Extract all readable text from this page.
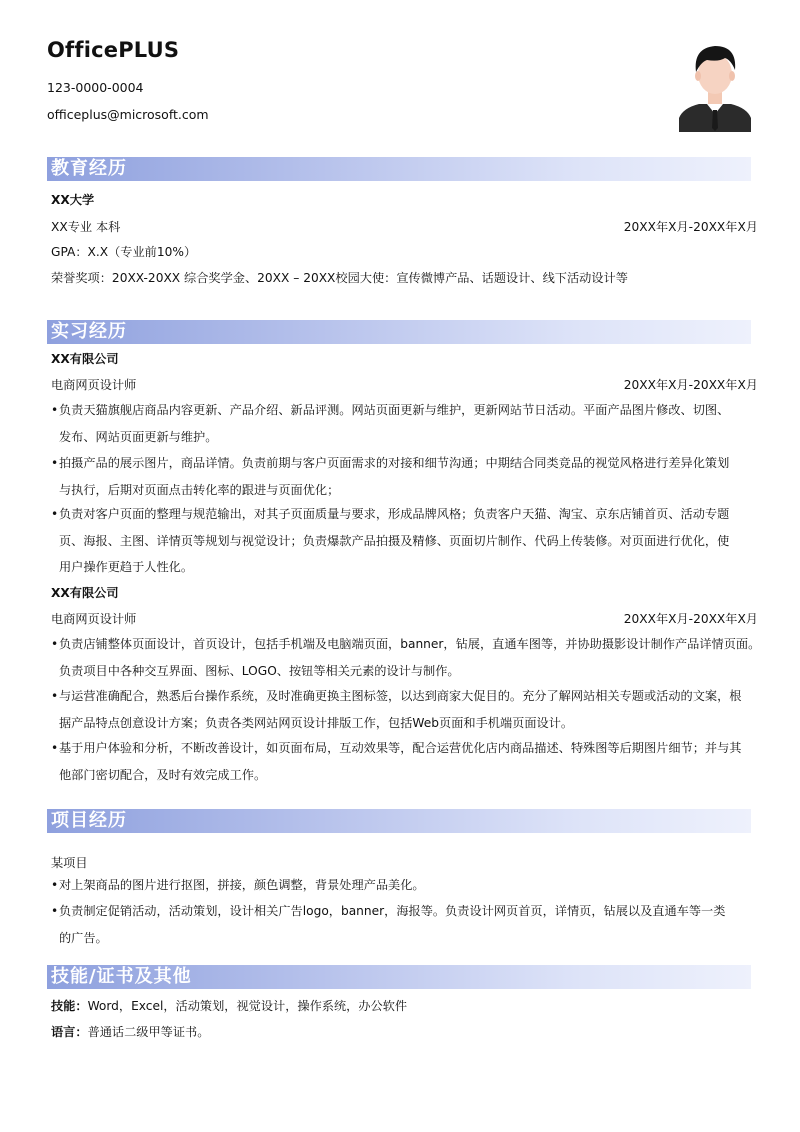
OfficePLUS
123-0000-0004
officeplus@microsoft.com
教育经历
XX大学
XX专业 本科	20XX年X月-20XX年X月
GPA：X.X（专业前10%）
荣誉奖项：20XX-20XX 综合奖学金、20XX – 20XX校园大使：宣传微博产品、话题设计、线下活动设计等
实习经历
XX有限公司
电商网页设计师	20XX年X月-20XX年X月
•负责天猫旗舰店商品内容更新、产品介绍、新品评测。网站页面更新与维护，更新网站节日活动。平面产品图片修改、切图、
发布、网站页面更新与维护。
•拍摄产品的展示图片，商品详情。负责前期与客户页面需求的对接和细节沟通；中期结合同类竞品的视觉风格进行差异化策划
与执行，后期对页面点击转化率的跟进与页面优化；
•负责对客户页面的整理与规范输出，对其子页面质量与要求，形成品牌风格；负责客户天猫、淘宝、京东店铺首页、活动专题
页、海报、主图、详情页等规划与视觉设计；负责爆款产品拍摄及精修、页面切片制作、代码上传装修。对页面进行优化，使
用户操作更趋于人性化。
XX有限公司
电商网页设计师	20XX年X月-20XX年X月
•负责店铺整体页面设计，首页设计，包括手机端及电脑端页面，banner，钻展，直通车图等，并协助摄影设计制作产品详情页面。
负责项目中各种交互界面、图标、LOGO、按钮等相关元素的设计与制作。
•与运营准确配合，熟悉后台操作系统，及时准确更换主图标签，以达到商家大促目的。充分了解网站相关专题或活动的文案，根
据产品特点创意设计方案；负责各类网站网页设计排版工作，包括Web页面和手机端页面设计。
•基于用户体验和分析，不断改善设计，如页面布局，互动效果等，配合运营优化店内商品描述、特殊图等后期图片细节；并与其
他部门密切配合，及时有效完成工作。
项目经历
某项目
•对上架商品的图片进行抠图，拼接，颜色调整，背景处理产品美化。
•负责制定促销活动，活动策划，设计相关广告logo，banner，海报等。负责设计网页首页，详情页，钻展以及直通车等一类
的广告。
技能/证书及其他
技能：Word，Excel，活动策划，视觉设计，操作系统，办公软件
语言：普通话二级甲等证书。
